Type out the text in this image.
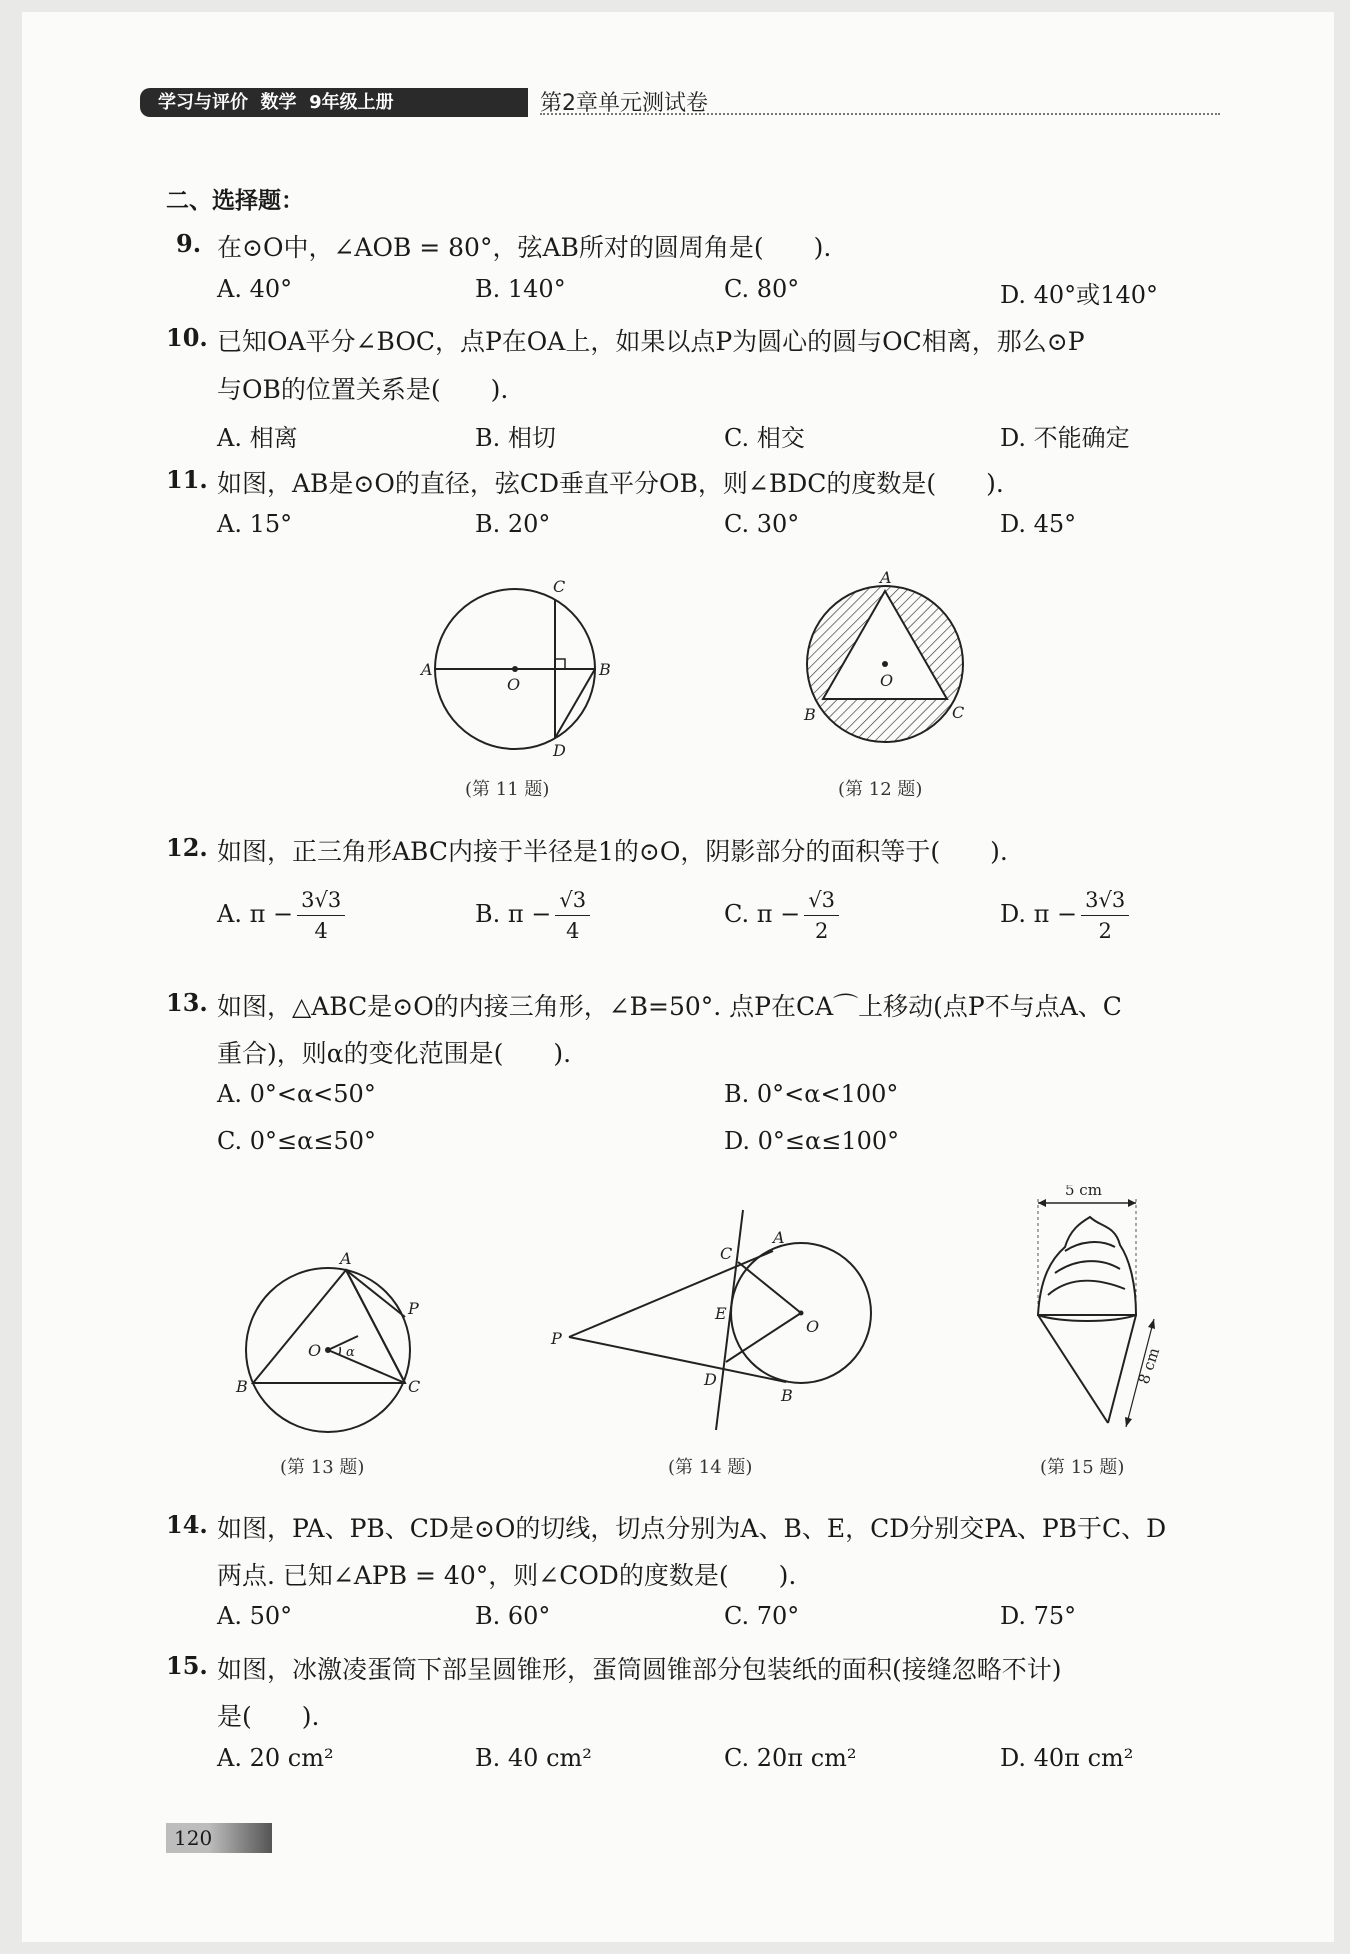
学习与评价  数学  9年级上册	第2章单元测试卷
二、选择题：
9. 在⊙O中，∠AOB = 80°，弦AB所对的圆周角是(　　).
A. 40°	B. 140°	C. 80°	D. 40°或140°
10. 已知OA平分∠BOC，点P在OA上，如果以点P为圆心的圆与OC相离，那么⊙P
与OB的位置关系是(　　).
A. 相离	B. 相切	C. 相交	D. 不能确定
11. 如图，AB是⊙O的直径，弦CD垂直平分OB，则∠BDC的度数是(　　).
A. 15°	B. 20°	C. 30°	D. 45°
A
O
B
C
D
(第 11 题)
A
O
B	C
(第 12 题)
12. 如图，正三角形ABC内接于半径是1的⊙O，阴影部分的面积等于(　　).
A. $\pi - \frac{3√3}{4}$	B. $\pi - \frac{√3}{4}$	C. $\pi - \frac{√3}{2}$	D. $\pi - \frac{3√3}{2}$
13. 如图，△ABC是⊙O的内接三角形，∠B=50°. 点P在CA⌒上移动(点P不与点A、C
重合)，则α的变化范围是(　　).
A. 0°<α<50°	B. 0°<α<100°
C. 0°≤α≤50°	D. 0°≤α≤100°
A
P
O α
B	C
(第 13 题)
C
A
E
O
P
D
B
(第 14 题)
5 cm
8 cm
(第 15 题)
14. 如图，PA、PB、CD是⊙O的切线，切点分别为A、B、E，CD分别交PA、PB于C、D
两点. 已知∠APB = 40°，则∠COD的度数是(　　).
A. 50°	B. 60°	C. 70°	D. 75°
15. 如图，冰激凌蛋筒下部呈圆锥形，蛋筒圆锥部分包装纸的面积(接缝忽略不计)
是(　　).
A. 20 cm²	B. 40 cm²	C. 20π cm²	D. 40π cm²
120
